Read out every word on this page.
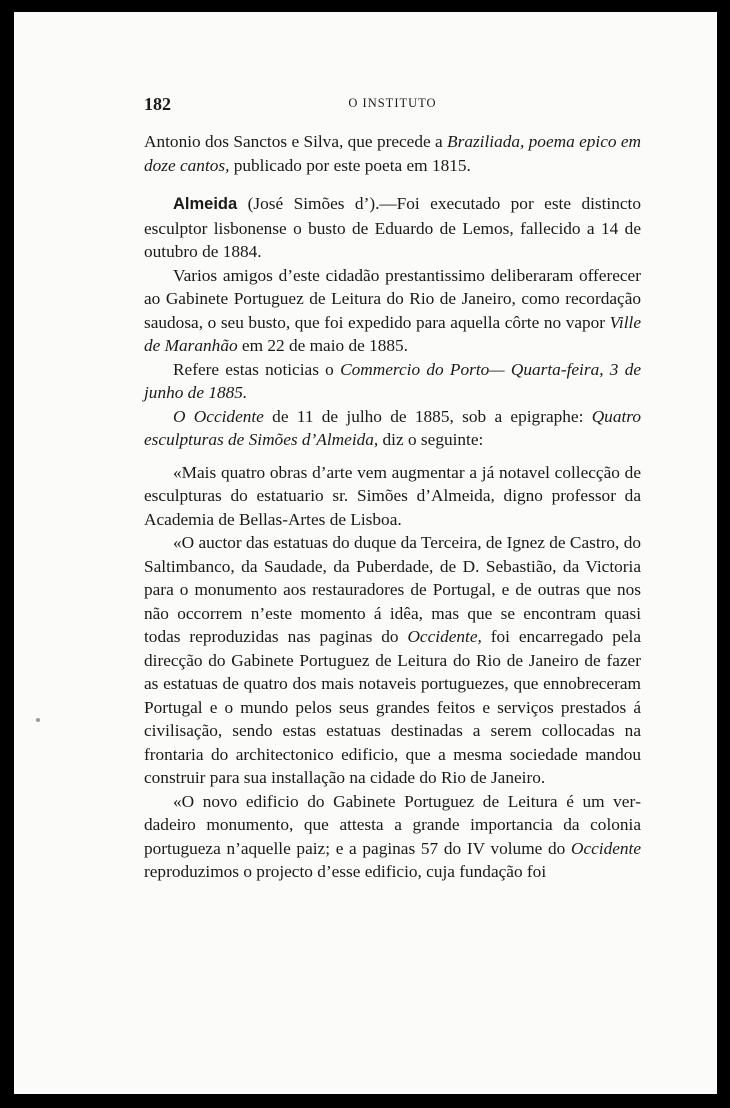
182	O INSTITUTO

Antonio dos Sanctos e Silva, que precede a Braziliada, poema epico em doze cantos, publicado por este poeta em 1815.

Almeida (José Simões d’).—Foi executado por este distincto esculptor lisbonense o busto de Eduardo de Lemos, fallecido a 14 de outubro de 1884.

Varios amigos d’este cidadão prestantissimo deliberaram offerecer ao Gabinete Portuguez de Leitura do Rio de Janeiro, como recordação saudosa, o seu busto, que foi expedido para aquella côrte no vapor Ville de Maranhão em 22 de maio de 1885.

Refere estas noticias o Commercio do Porto— Quarta-feira, 3 de junho de 1885.

O Occidente de 11 de julho de 1885, sob a epigraphe: Quatro esculpturas de Simões d’Almeida, diz o seguinte:

«Mais quatro obras d’arte vem augmentar a já notavel collecção de esculpturas do estatuario sr. Simões d’Almeida, digno professor da Academia de Bellas-Artes de Lisboa.

«O auctor das estatuas do duque da Terceira, de Ignez de Castro, do Saltimbanco, da Saudade, da Puberdade, de D. Sebastião, da Victoria para o monumento aos restauradores de Portugal, e de outras que nos não occorrem n’este momento á idêa, mas que se encontram quasi todas reproduzidas nas paginas do Occidente, foi encarregado pela direcção do Gabinete Portuguez de Leitura do Rio de Janeiro de fazer as estatuas de quatro dos mais notaveis portuguezes, que ennobreceram Portugal e o mundo pelos seus grandes feitos e serviços prestados á civilisação, sendo estas estatuas destinadas a serem collocadas na frontaria do architectonico edificio, que a mesma sociedade mandou construir para sua installação na cidade do Rio de Janeiro.

«O novo edificio do Gabinete Portuguez de Leitura é um verdadeiro monumento, que attesta a grande importancia da colonia portugueza n’aquelle paiz; e a paginas 57 do IV volume do Occidente reproduzimos o projecto d’esse edificio, cuja fundação foi
